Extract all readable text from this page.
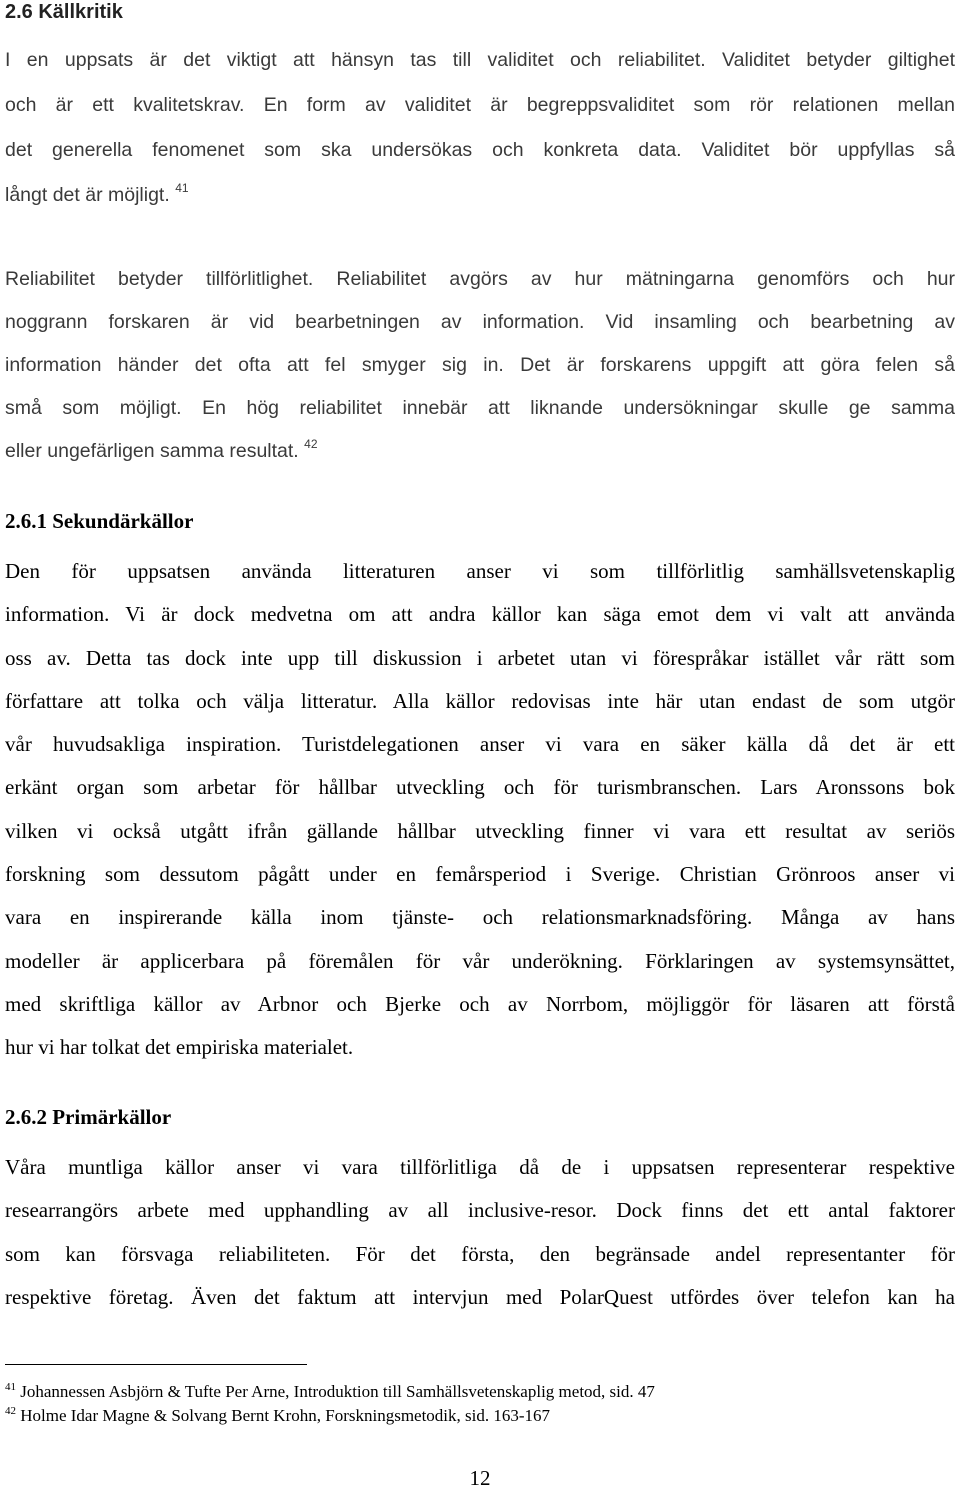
2.6 Källkritik
I en uppsats är det viktigt att hänsyn tas till validitet och reliabilitet. Validitet betyder giltighet
och är ett kvalitetskrav. En form av validitet är begreppsvaliditet som rör relationen mellan
det generella fenomenet som ska undersökas och konkreta data. Validitet bör uppfyllas så
långt det är möjligt. $^{41}$
Reliabilitet betyder tillförlitlighet. Reliabilitet avgörs av hur mätningarna genomförs och hur
noggrann forskaren är vid bearbetningen av information. Vid insamling och bearbetning av
information händer det ofta att fel smyger sig in. Det är forskarens uppgift att göra felen så
små som möjligt. En hög reliabilitet innebär att liknande undersökningar skulle ge samma
eller ungefärligen samma resultat. $^{42}$
2.6.1 Sekundärkällor
Den för uppsatsen använda litteraturen anser vi som tillförlitlig samhällsvetenskaplig
information. Vi är dock medvetna om att andra källor kan säga emot dem vi valt att använda
oss av. Detta tas dock inte upp till diskussion i arbetet utan vi förespråkar istället vår rätt som
författare att tolka och välja litteratur. Alla källor redovisas inte här utan endast de som utgör
vår huvudsakliga inspiration. Turistdelegationen anser vi vara en säker källa då det är ett
erkänt organ som arbetar för hållbar utveckling och för turismbranschen. Lars Aronssons bok
vilken vi också utgått ifrån gällande hållbar utveckling finner vi vara ett resultat av seriös
forskning som dessutom pågått under en femårsperiod i Sverige. Christian Grönroos anser vi
vara en inspirerande källa inom tjänste- och relationsmarknadsföring. Många av hans
modeller är applicerbara på föremålen för vår underökning. Förklaringen av systemsynsättet,
med skriftliga källor av Arbnor och Bjerke och av Norrbom, möjliggör för läsaren att förstå
hur vi har tolkat det empiriska materialet.
2.6.2 Primärkällor
Våra muntliga källor anser vi vara tillförlitliga då de i uppsatsen representerar respektive
researrangörs arbete med upphandling av all inclusive-resor. Dock finns det ett antal faktorer
som kan försvaga reliabiliteten. För det första, den begränsade andel representanter för
respektive företag. Även det faktum att intervjun med PolarQuest utfördes över telefon kan ha
$^{41}$ Johannessen Asbjörn & Tufte Per Arne, Introduktion till Samhällsvetenskaplig metod, sid. 47
$^{42}$ Holme Idar Magne & Solvang Bernt Krohn, Forskningsmetodik, sid. 163-167
12
